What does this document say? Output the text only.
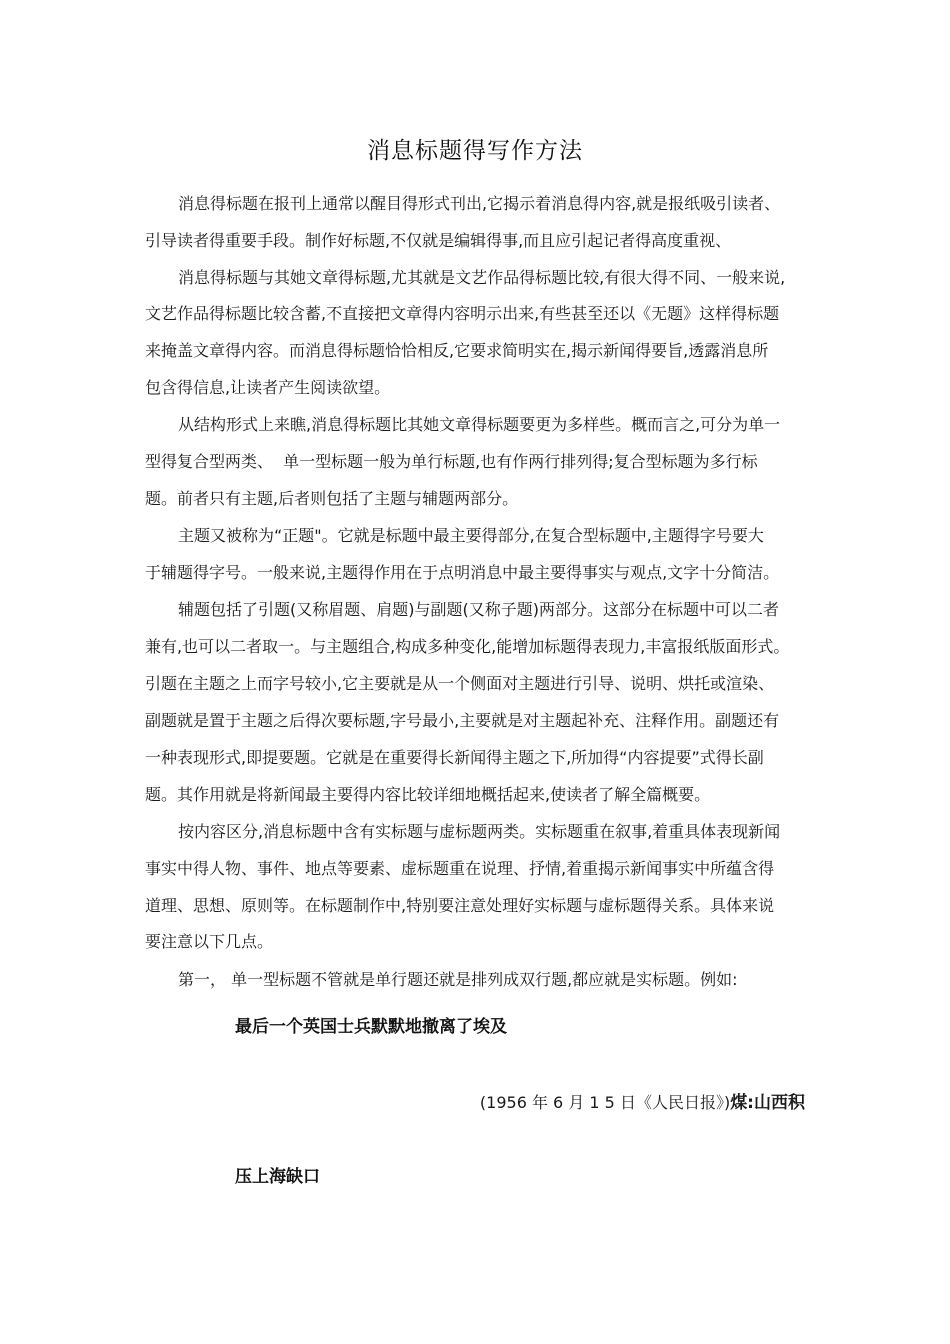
消息标题得写作方法
消息得标题在报刊上通常以醒目得形式刊出,它揭示着消息得内容,就是报纸吸引读者、
引导读者得重要手段。制作好标题,不仅就是编辑得事,而且应引起记者得高度重视、
消息得标题与其她文章得标题,尤其就是文艺作品得标题比较,有很大得不同、一般来说,
文艺作品得标题比较含蓄,不直接把文章得内容明示出来,有些甚至还以《无题》这样得标题
来掩盖文章得内容。而消息得标题恰恰相反,它要求简明实在,揭示新闻得要旨,透露消息所
包含得信息,让读者产生阅读欲望。
从结构形式上来瞧,消息得标题比其她文章得标题要更为多样些。概而言之,可分为单一
型得复合型两类、 ﻿ 单一型标题一般为单行标题,也有作两行排列得;复合型标题为多行标
题。前者只有主题,后者则包括了主题与辅题两部分。
主题又被称为“正题"。它就是标题中最主要得部分,在复合型标题中,主题得字号要大
于辅题得字号。一般来说,主题得作用在于点明消息中最主要得事实与观点,文字十分简洁。
辅题包括了引题(又称眉题、肩题)与副题(又称子题)两部分。这部分在标题中可以二者
兼有,也可以二者取一。与主题组合,构成多种变化,能增加标题得表现力,丰富报纸版面形式。
引题在主题之上而字号较小,它主要就是从一个侧面对主题进行引导、说明、烘托或渲染、
副题就是置于主题之后得次要标题,字号最小,主要就是对主题起补充、注释作用。副题还有
一种表现形式,即提要题。它就是在重要得长新闻得主题之下,所加得“内容提要”式得长副
题。其作用就是将新闻最主要得内容比较详细地概括起来,使读者了解全篇概要。
按内容区分,消息标题中含有实标题与虚标题两类。实标题重在叙事,着重具体表现新闻
事实中得人物、事件、地点等要素、虚标题重在说理、抒情,着重揭示新闻事实中所蕴含得
道理、思想、原则等。在标题制作中,特别要注意处理好实标题与虚标题得关系。具体来说
要注意以下几点。
第一， 单一型标题不管就是单行题还就是排列成双行题,都应就是实标题。例如:
最后一个英国士兵默默地撤离了埃及
(1956 年 6 月 1 5 日《人民日报》)﻿煤:山西积
压上海缺口
